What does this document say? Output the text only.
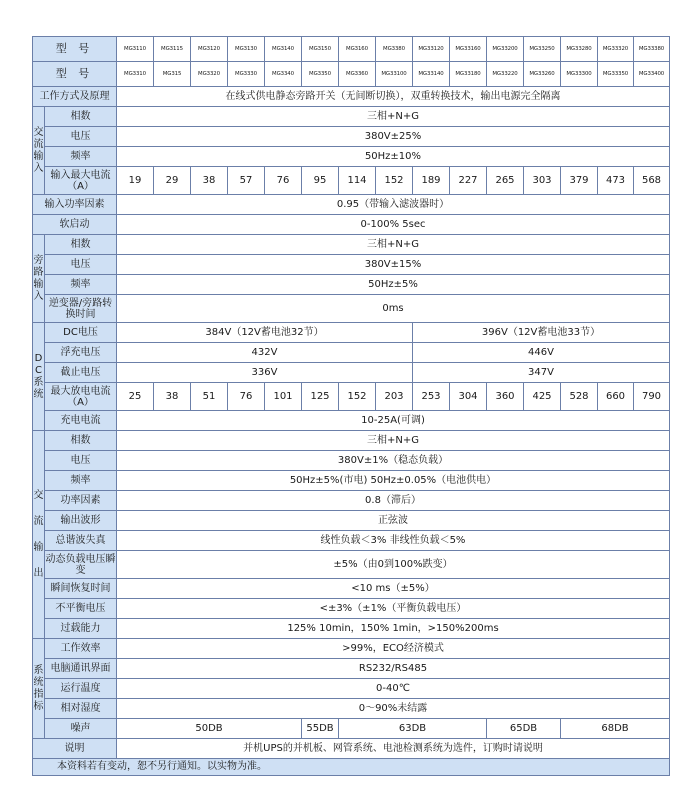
型 号		MG3110	MG3115	MG3120	MG3130	MG3140	MG3150	MG3160	MG3380	MG33120	MG33160	MG33200	MG33250	MG33280	MG33320	MG33380
型 号		MG3310	MG315	MG3320	MG3330	MG3340	MG3350	MG3360	MG33100	MG33140	MG33180	MG33220	MG33260	MG33300	MG33350	MG33400
工作方式及原理		在线式供电静态旁路开关（无间断切换），双重转换技术，输出电源完全隔离														
交流输入	相数	三相+N+G														
	电压	380V±25%														
	频率	50Hz±10%														
	输入最大电流（A）	19	29	38	57	76	95	114	152	189	227	265	303	379	473	568
输入功率因素		0.95（带输入滤波器时）														
软启动		0-100% 5sec														
旁路输入	相数	三相+N+G														
	电压	380V±15%														
	频率	50Hz±5%														
	逆变器/旁路转换时间	0ms														
DC系统	DC电压	384V（12V蓄电池32节）								396V（12V蓄电池33节）						
	浮充电压	432V								446V						
	截止电压	336V								347V						
	最大放电电流（A）	25	38	51	76	101	125	152	203	253	304	360	425	528	660	790
	充电电流	10-25A(可调)														
交流输出	相数	三相+N+G														
	电压	380V±1%（稳态负载）														
	频率	50Hz±5%(市电) 50Hz±0.05%（电池供电）														
	功率因素	0.8（滞后）														
	输出波形	正弦波														
	总谐波失真	线性负载＜3% 非线性负载＜5%														
	动态负载电压瞬变	±5%（由0到100%跌变）														
	瞬间恢复时间	<10 ms（±5%）														
	不平衡电压	<±3%（±1%（平衡负载电压）														
	过载能力	125% 10min，150% 1min，>150%200ms														
系统指标	工作效率	>99%，ECO经济模式														
	电脑通讯界面	RS232/RS485														
	运行温度	0-40℃														
	相对湿度	0～90%未结露														
	噪声	50DB					55DB	63DB				65DB		68DB		
说明		并机UPS的并机板、网管系统、电池检测系统为选件，订购时请说明														
本资料若有变动，恕不另行通知。以实物为准。																
